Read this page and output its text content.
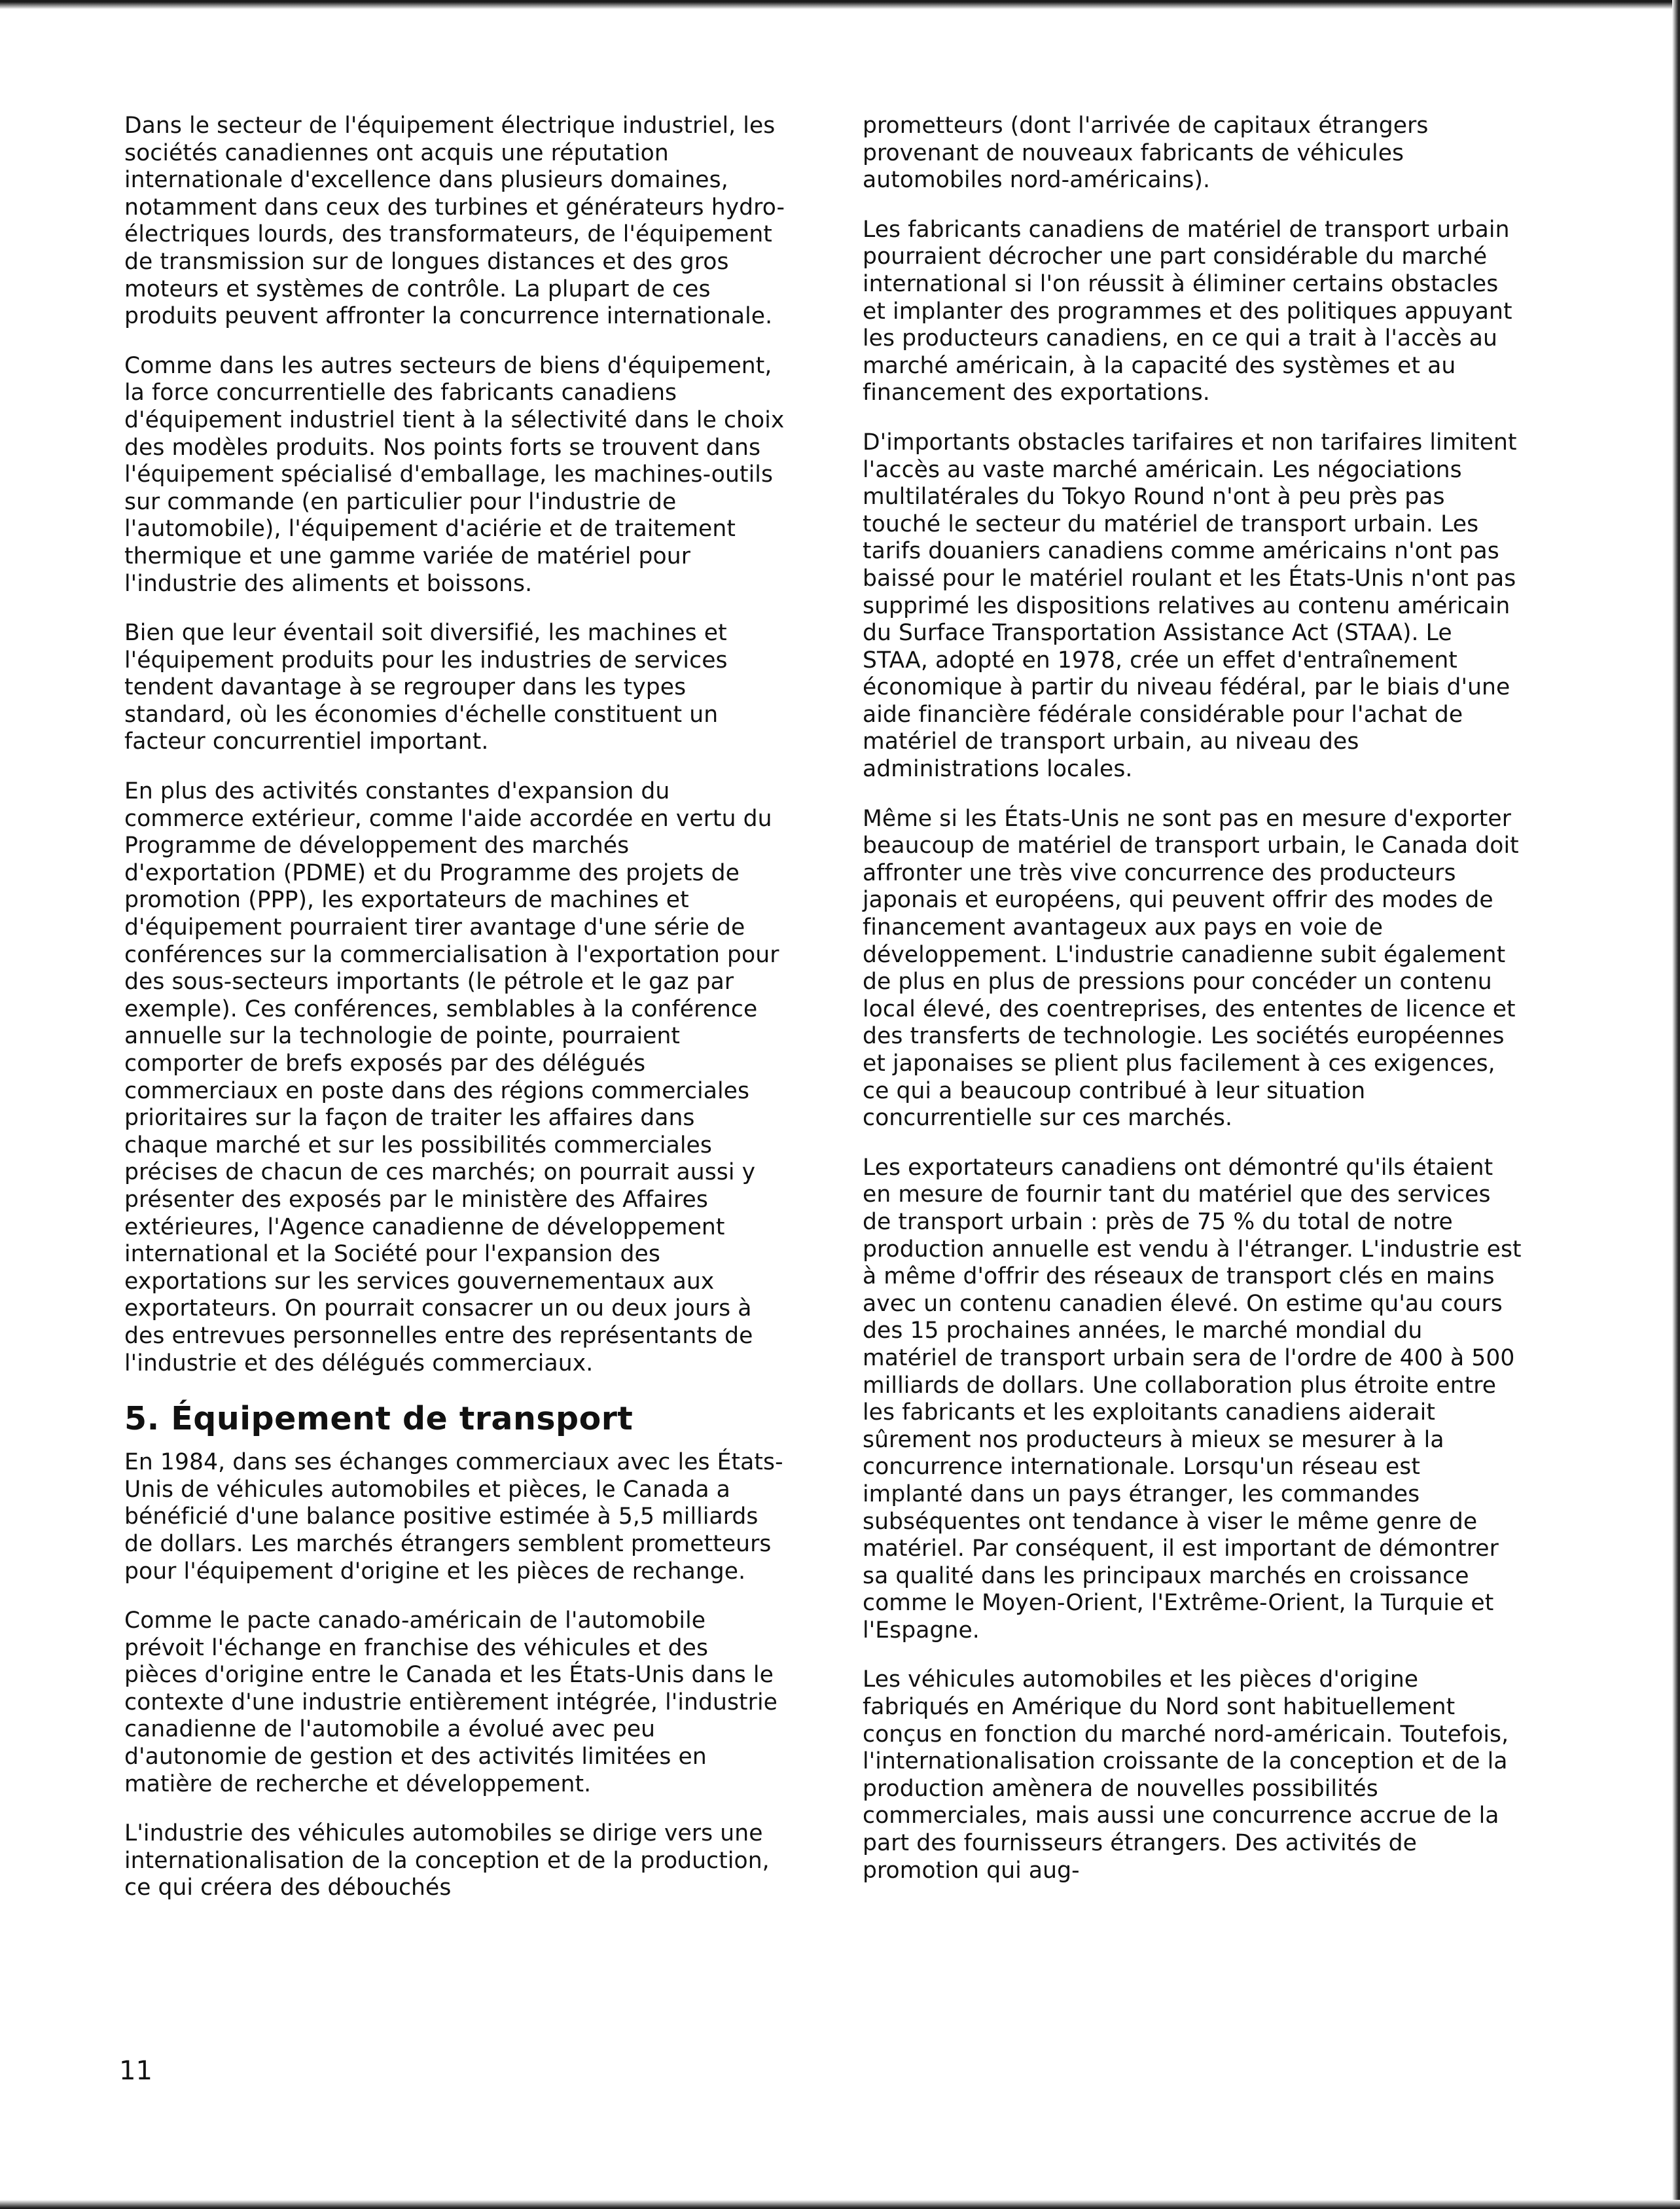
Dans le secteur de l'équipement électrique industriel, les sociétés canadiennes ont acquis une réputation internationale d'excellence dans plusieurs domaines, notamment dans ceux des turbines et générateurs hydro-électriques lourds, des transformateurs, de l'équipement de transmission sur de longues distances et des gros moteurs et systèmes de contrôle. La plupart de ces produits peuvent affronter la concurrence internationale.

Comme dans les autres secteurs de biens d'équipement, la force concurrentielle des fabricants canadiens d'équipement industriel tient à la sélectivité dans le choix des modèles produits. Nos points forts se trouvent dans l'équipement spécialisé d'emballage, les machines-outils sur commande (en particulier pour l'industrie de l'automobile), l'équipement d'aciérie et de traitement thermique et une gamme variée de matériel pour l'industrie des aliments et boissons.

Bien que leur éventail soit diversifié, les machines et l'équipement produits pour les industries de services tendent davantage à se regrouper dans les types standard, où les économies d'échelle constituent un facteur concurrentiel important.

En plus des activités constantes d'expansion du commerce extérieur, comme l'aide accordée en vertu du Programme de développement des marchés d'exportation (PDME) et du Programme des projets de promotion (PPP), les exportateurs de machines et d'équipement pourraient tirer avantage d'une série de conférences sur la commercialisation à l'exportation pour des sous-secteurs importants (le pétrole et le gaz par exemple). Ces conférences, semblables à la conférence annuelle sur la technologie de pointe, pourraient comporter de brefs exposés par des délégués commerciaux en poste dans des régions commerciales prioritaires sur la façon de traiter les affaires dans chaque marché et sur les possibilités commerciales précises de chacun de ces marchés; on pourrait aussi y présenter des exposés par le ministère des Affaires extérieures, l'Agence canadienne de développement international et la Société pour l'expansion des exportations sur les services gouvernementaux aux exportateurs. On pourrait consacrer un ou deux jours à des entrevues personnelles entre des représentants de l'industrie et des délégués commerciaux.

5. Équipement de transport

En 1984, dans ses échanges commerciaux avec les États-Unis de véhicules automobiles et pièces, le Canada a bénéficié d'une balance positive estimée à 5,5 milliards de dollars. Les marchés étrangers semblent prometteurs pour l'équipement d'origine et les pièces de rechange.

Comme le pacte canado-américain de l'automobile prévoit l'échange en franchise des véhicules et des pièces d'origine entre le Canada et les États-Unis dans le contexte d'une industrie entièrement intégrée, l'industrie canadienne de l'automobile a évolué avec peu d'autonomie de gestion et des activités limitées en matière de recherche et développement.

L'industrie des véhicules automobiles se dirige vers une internationalisation de la conception et de la production, ce qui créera des débouchés

prometteurs (dont l'arrivée de capitaux étrangers provenant de nouveaux fabricants de véhicules automobiles nord-américains).

Les fabricants canadiens de matériel de transport urbain pourraient décrocher une part considérable du marché international si l'on réussit à éliminer certains obstacles et implanter des programmes et des politiques appuyant les producteurs canadiens, en ce qui a trait à l'accès au marché américain, à la capacité des systèmes et au financement des exportations.

D'importants obstacles tarifaires et non tarifaires limitent l'accès au vaste marché américain. Les négociations multilatérales du Tokyo Round n'ont à peu près pas touché le secteur du matériel de transport urbain. Les tarifs douaniers canadiens comme américains n'ont pas baissé pour le matériel roulant et les États-Unis n'ont pas supprimé les dispositions relatives au contenu américain du Surface Transportation Assistance Act (STAA). Le STAA, adopté en 1978, crée un effet d'entraînement économique à partir du niveau fédéral, par le biais d'une aide financière fédérale considérable pour l'achat de matériel de transport urbain, au niveau des administrations locales.

Même si les États-Unis ne sont pas en mesure d'exporter beaucoup de matériel de transport urbain, le Canada doit affronter une très vive concurrence des producteurs japonais et européens, qui peuvent offrir des modes de financement avantageux aux pays en voie de développement. L'industrie canadienne subit également de plus en plus de pressions pour concéder un contenu local élevé, des coentreprises, des ententes de licence et des transferts de technologie. Les sociétés européennes et japonaises se plient plus facilement à ces exigences, ce qui a beaucoup contribué à leur situation concurrentielle sur ces marchés.

Les exportateurs canadiens ont démontré qu'ils étaient en mesure de fournir tant du matériel que des services de transport urbain : près de 75 % du total de notre production annuelle est vendu à l'étranger. L'industrie est à même d'offrir des réseaux de transport clés en mains avec un contenu canadien élevé. On estime qu'au cours des 15 prochaines années, le marché mondial du matériel de transport urbain sera de l'ordre de 400 à 500 milliards de dollars. Une collaboration plus étroite entre les fabricants et les exploitants canadiens aiderait sûrement nos producteurs à mieux se mesurer à la concurrence internationale. Lorsqu'un réseau est implanté dans un pays étranger, les commandes subséquentes ont tendance à viser le même genre de matériel. Par conséquent, il est important de démontrer sa qualité dans les principaux marchés en croissance comme le Moyen-Orient, l'Extrême-Orient, la Turquie et l'Espagne.

Les véhicules automobiles et les pièces d'origine fabriqués en Amérique du Nord sont habituellement conçus en fonction du marché nord-américain. Toutefois, l'internationalisation croissante de la conception et de la production amènera de nouvelles possibilités commerciales, mais aussi une concurrence accrue de la part des fournisseurs étrangers. Des activités de promotion qui aug-

11
